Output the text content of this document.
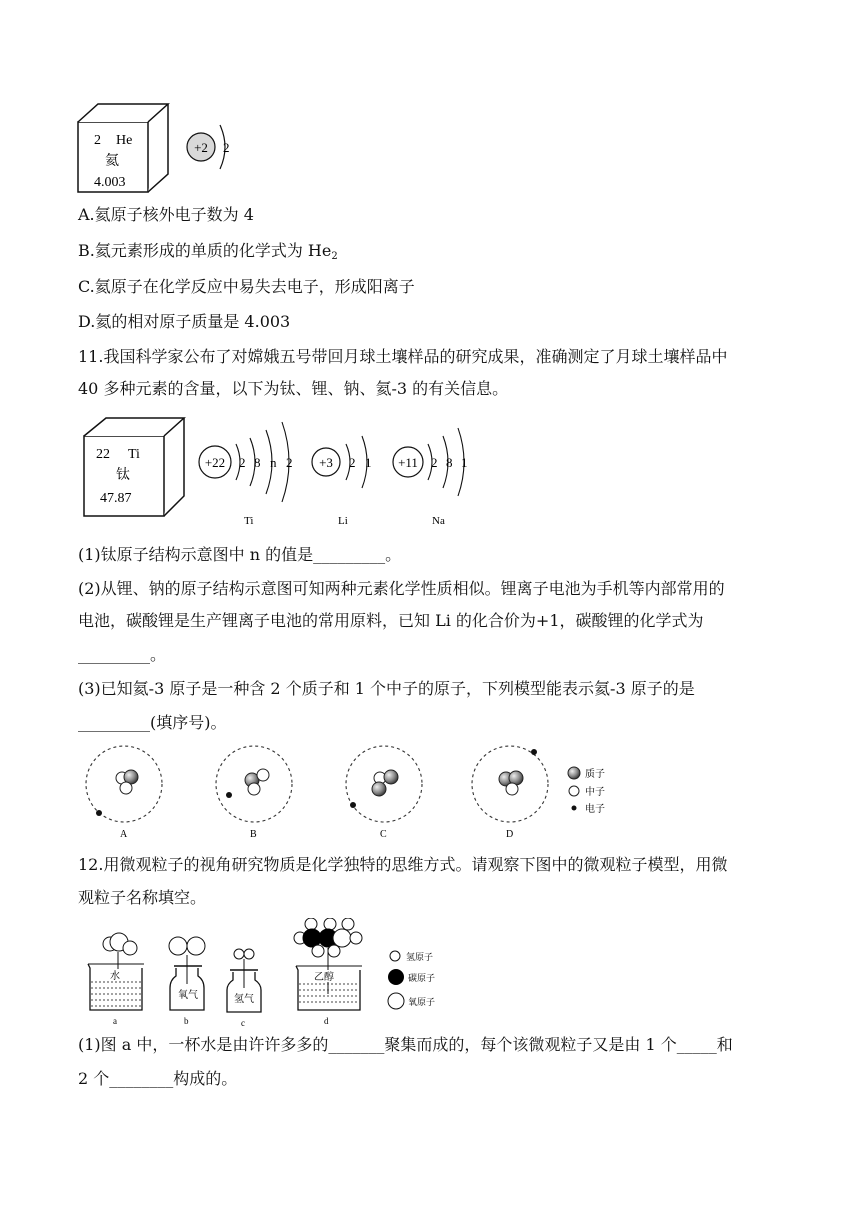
2 He
氦
4.003
+2 2
A.氦原子核外电子数为 4
B.氦元素形成的单质的化学式为 $He_2$
C.氦原子在化学反应中易失去电子，形成阳离子
D.氦的相对原子质量是 4.003
11.我国科学家公布了对嫦娥五号带回月球土壤样品的研究成果，准确测定了月球土壤样品中
40 多种元素的含量，以下为钛、锂、钠、氦-3 的有关信息。
22 Ti
钛
47.87
+22 2 8 n 2
Ti
+3 2 1
Li
+11 2 8 1
Na
(1)钛原子结构示意图中 n 的值是_________。
(2)从锂、钠的原子结构示意图可知两种元素化学性质相似。锂离子电池为手机等内部常用的
电池，碳酸锂是生产锂离子电池的常用原料，已知 Li 的化合价为+1，碳酸锂的化学式为
_________。
(3)已知氦-3 原子是一种含 2 个质子和 1 个中子的原子，下列模型能表示氦-3 原子的是
_________(填序号)。
A	B	C	D
质子
中子
电子
12.用微观粒子的视角研究物质是化学独特的思维方式。请观察下图中的微观粒子模型，用微
观粒子名称填空。
水
a
氧气
b
氢气
c
乙醇
d
氢原子
碳原子
氧原子
(1)图 a 中，一杯水是由许许多多的_______聚集而成的，每个该微观粒子又是由 1 个_____和
2 个________构成的。
